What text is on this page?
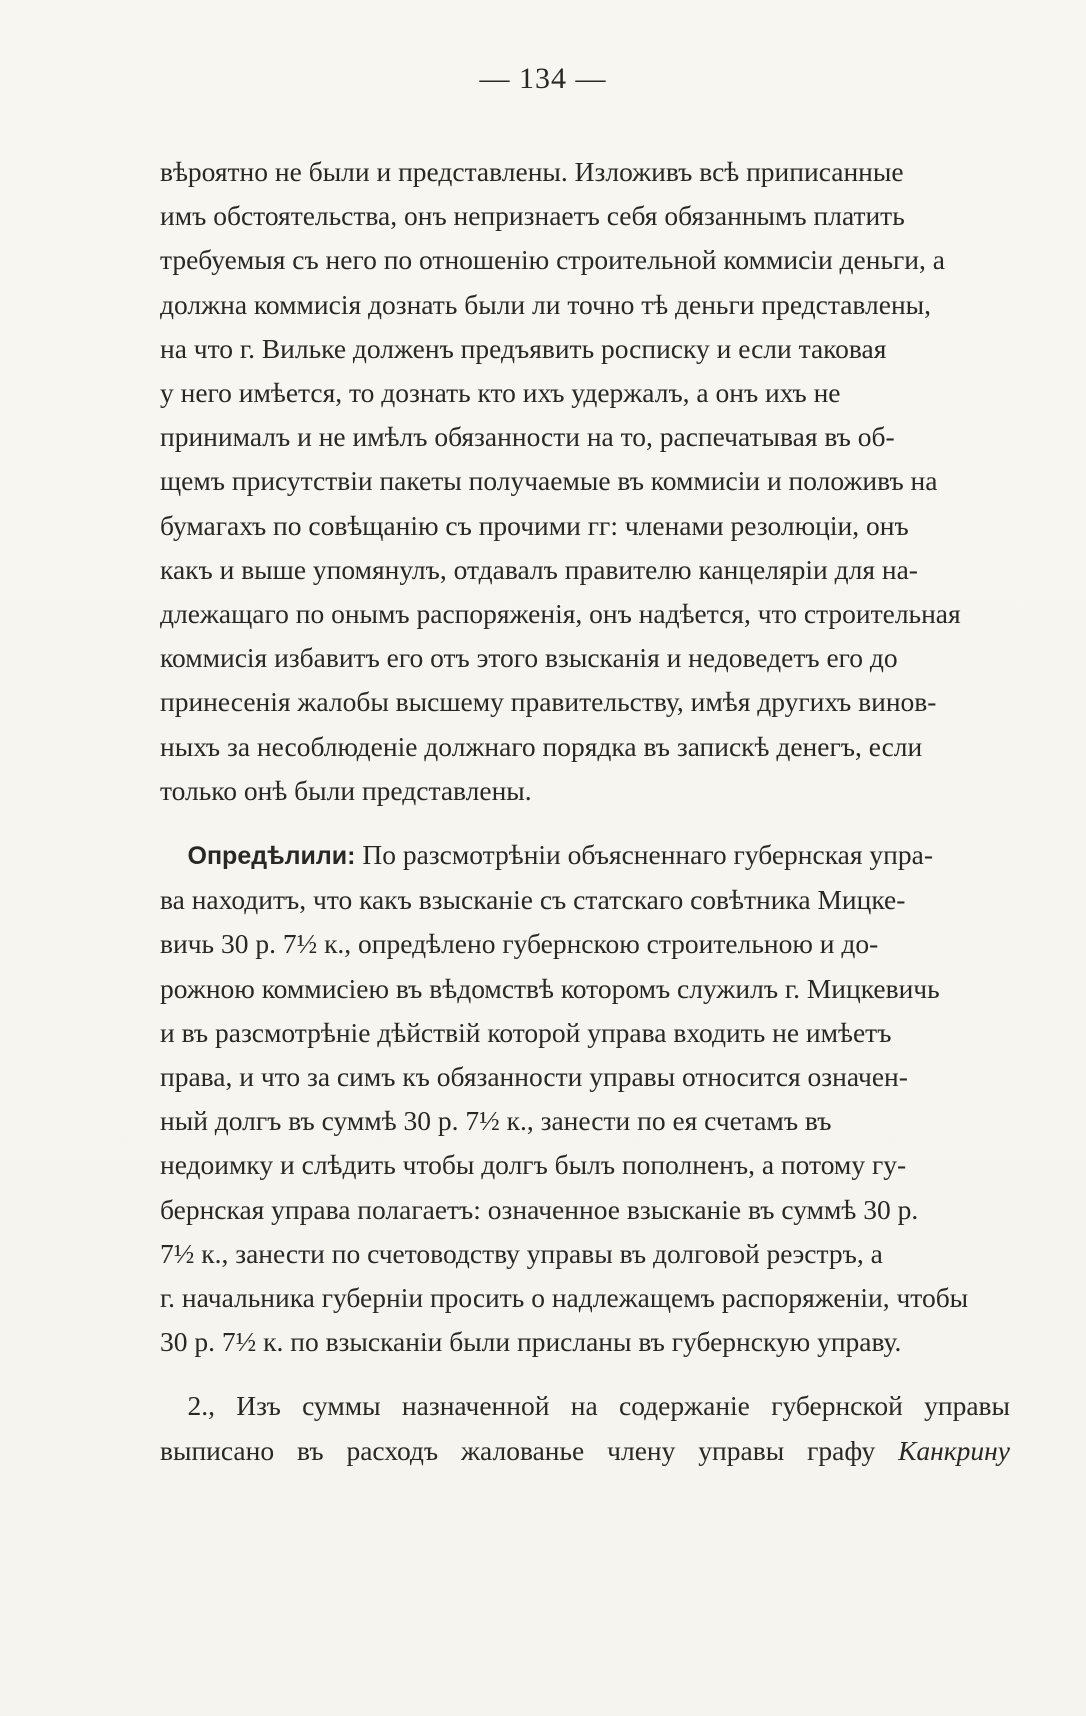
— 134 —

вѣроятно не были и представлены. Изложивъ всѣ приписанные
имъ обстоятельства, онъ непризнаетъ себя обязаннымъ платить
требуемыя съ него по отношенію строительной коммисіи деньги, а
должна коммисія дознать были ли точно тѣ деньги представлены,
на что г. Вильке долженъ предъявить росписку и если таковая
у него имѣется, то дознать кто ихъ удержалъ, а онъ ихъ не
принималъ и не имѣлъ обязанности на то, распечатывая въ об-
щемъ присутствіи пакеты получаемые въ коммисіи и положивъ на
бумагахъ по совѣщанію съ прочими гг: членами резолюціи, онъ
какъ и выше упомянулъ, отдавалъ правителю канцеляріи для на-
длежащаго по онымъ распоряженія, онъ надѣется, что строительная
коммисія избавитъ его отъ этого взысканія и недоведетъ его до
принесенія жалобы высшему правительству, имѣя другихъ винов-
ныхъ за несоблюденіе должнаго порядка въ запискѣ денегъ, если
только онѣ были представлены.

 Опредѣлили: По разсмотрѣніи объясненнаго губернская упра-
ва находитъ, что какъ взысканіе съ статскаго совѣтника Мицке-
вичь 30 р. 7½ к., опредѣлено губернскою строительною и до-
рожною коммисіею въ вѣдомствѣ которомъ служилъ г. Мицкевичь
и въ разсмотрѣніе дѣйствій которой управа входить не имѣетъ
права, и что за симъ къ обязанности управы относится означен-
ный долгъ въ суммѣ 30 р. 7½ к., занести по ея счетамъ въ
недоимку и слѣдить чтобы долгъ былъ пополненъ, а потому гу-
бернская управа полагаетъ: означенное взысканіе въ суммѣ 30 р.
7½ к., занести по счетоводству управы въ долговой реэстръ, а
г. начальника губерніи просить о надлежащемъ распоряженіи, чтобы
30 р. 7½ к. по взысканіи были присланы въ губернскую управу.

 2., Изъ суммы назначенной на содержаніе губернской управы
выписано въ расходъ жалованье члену управы графу Канкрину
